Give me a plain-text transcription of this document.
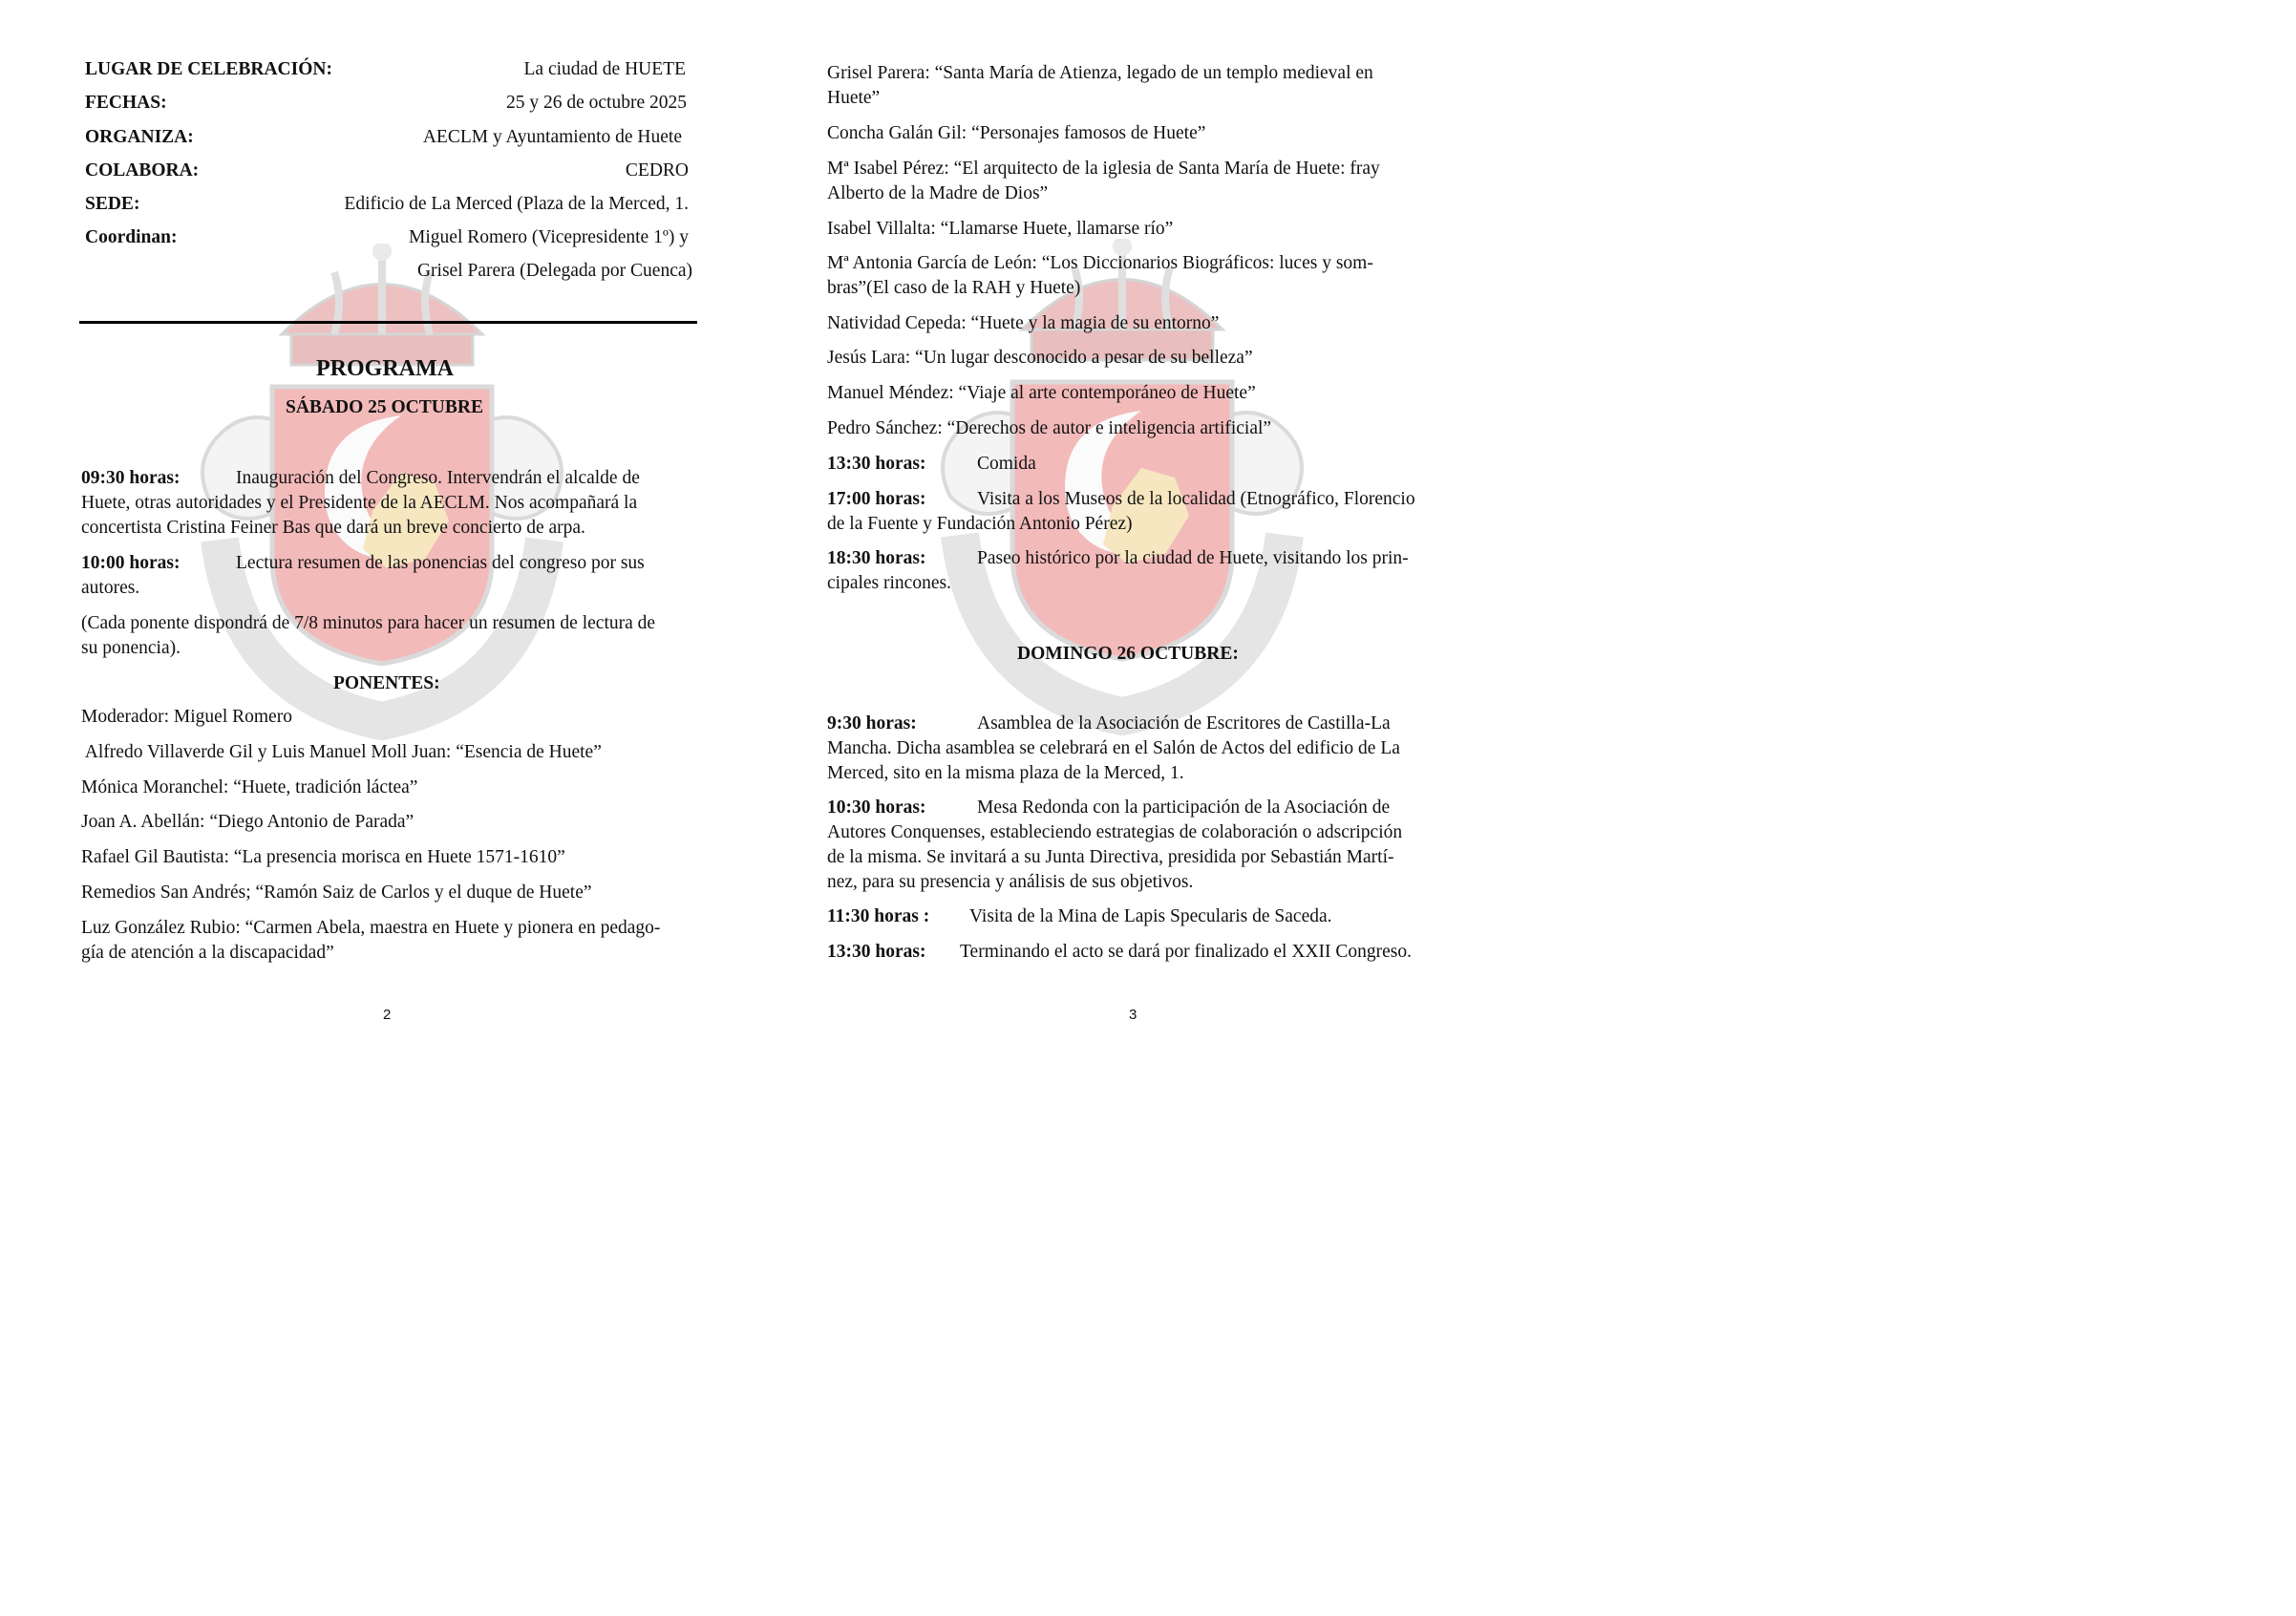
LUGAR DE CELEBRACIÓN:	La ciudad de HUETE
FECHAS:	25 y 26 de octubre 2025
ORGANIZA:	AECLM y Ayuntamiento de Huete
COLABORA:	CEDRO
SEDE:	Edificio de La Merced (Plaza de la Merced, 1.
Coordinan:	Miguel Romero (Vicepresidente 1º) y
Grisel Parera (Delegada por Cuenca)
PROGRAMA
SÁBADO 25 OCTUBRE
09:30 horas:	Inauguración del Congreso. Intervendrán el alcalde de
Huete, otras autoridades y el Presidente de la AECLM. Nos acompañará la
concertista Cristina Feiner Bas que dará un breve concierto de arpa.
10:00 horas:	Lectura resumen de las ponencias del congreso por sus
autores.
(Cada ponente dispondrá de 7/8 minutos para hacer un resumen de lectura de
su ponencia).
PONENTES:
Moderador: Miguel Romero
Alfredo Villaverde Gil y Luis Manuel Moll Juan: “Esencia de Huete”
Mónica Moranchel: “Huete, tradición láctea”
Joan A. Abellán: “Diego Antonio de Parada”
Rafael Gil Bautista: “La presencia morisca en Huete 1571-1610”
Remedios San Andrés; “Ramón Saiz de Carlos y el duque de Huete”
Luz González Rubio: “Carmen Abela, maestra en Huete y pionera en pedago-
gía de atención a la discapacidad”
2
Grisel Parera: “Santa María de Atienza, legado de un templo medieval en
Huete”
Concha Galán Gil: “Personajes famosos de Huete”
Mª Isabel Pérez: “El arquitecto de la iglesia de Santa María de Huete: fray
Alberto de la Madre de Dios”
Isabel Villalta: “Llamarse Huete, llamarse río”
Mª Antonia García de León: “Los Diccionarios Biográficos: luces y som-
bras”(El caso de la RAH y Huete)
Natividad Cepeda: “Huete y la magia de su entorno”
Jesús Lara: “Un lugar desconocido a pesar de su belleza”
Manuel Méndez: “Viaje al arte contemporáneo de Huete”
Pedro Sánchez: “Derechos de autor e inteligencia artificial”
13:30 horas:	Comida
17:00 horas:	Visita a los Museos de la localidad (Etnográfico, Florencio
de la Fuente y Fundación Antonio Pérez)
18:30 horas:	Paseo histórico por la ciudad de Huete, visitando los prin-
cipales rincones.
DOMINGO 26 OCTUBRE:
9:30 horas:	Asamblea de la Asociación de Escritores de Castilla-La
Mancha. Dicha asamblea se celebrará en el Salón de Actos del edificio de La
Merced, sito en la misma plaza de la Merced, 1.
10:30 horas:	Mesa Redonda con la participación de la Asociación de
Autores Conquenses, estableciendo estrategias de colaboración o adscripción
de la misma. Se invitará a su Junta Directiva, presidida por Sebastián Martí-
nez, para su presencia y análisis de sus objetivos.
11:30 horas : Visita de la Mina de Lapis Specularis de Saceda.
13:30 horas: Terminando el acto se dará por finalizado el XXII Congreso.
3
